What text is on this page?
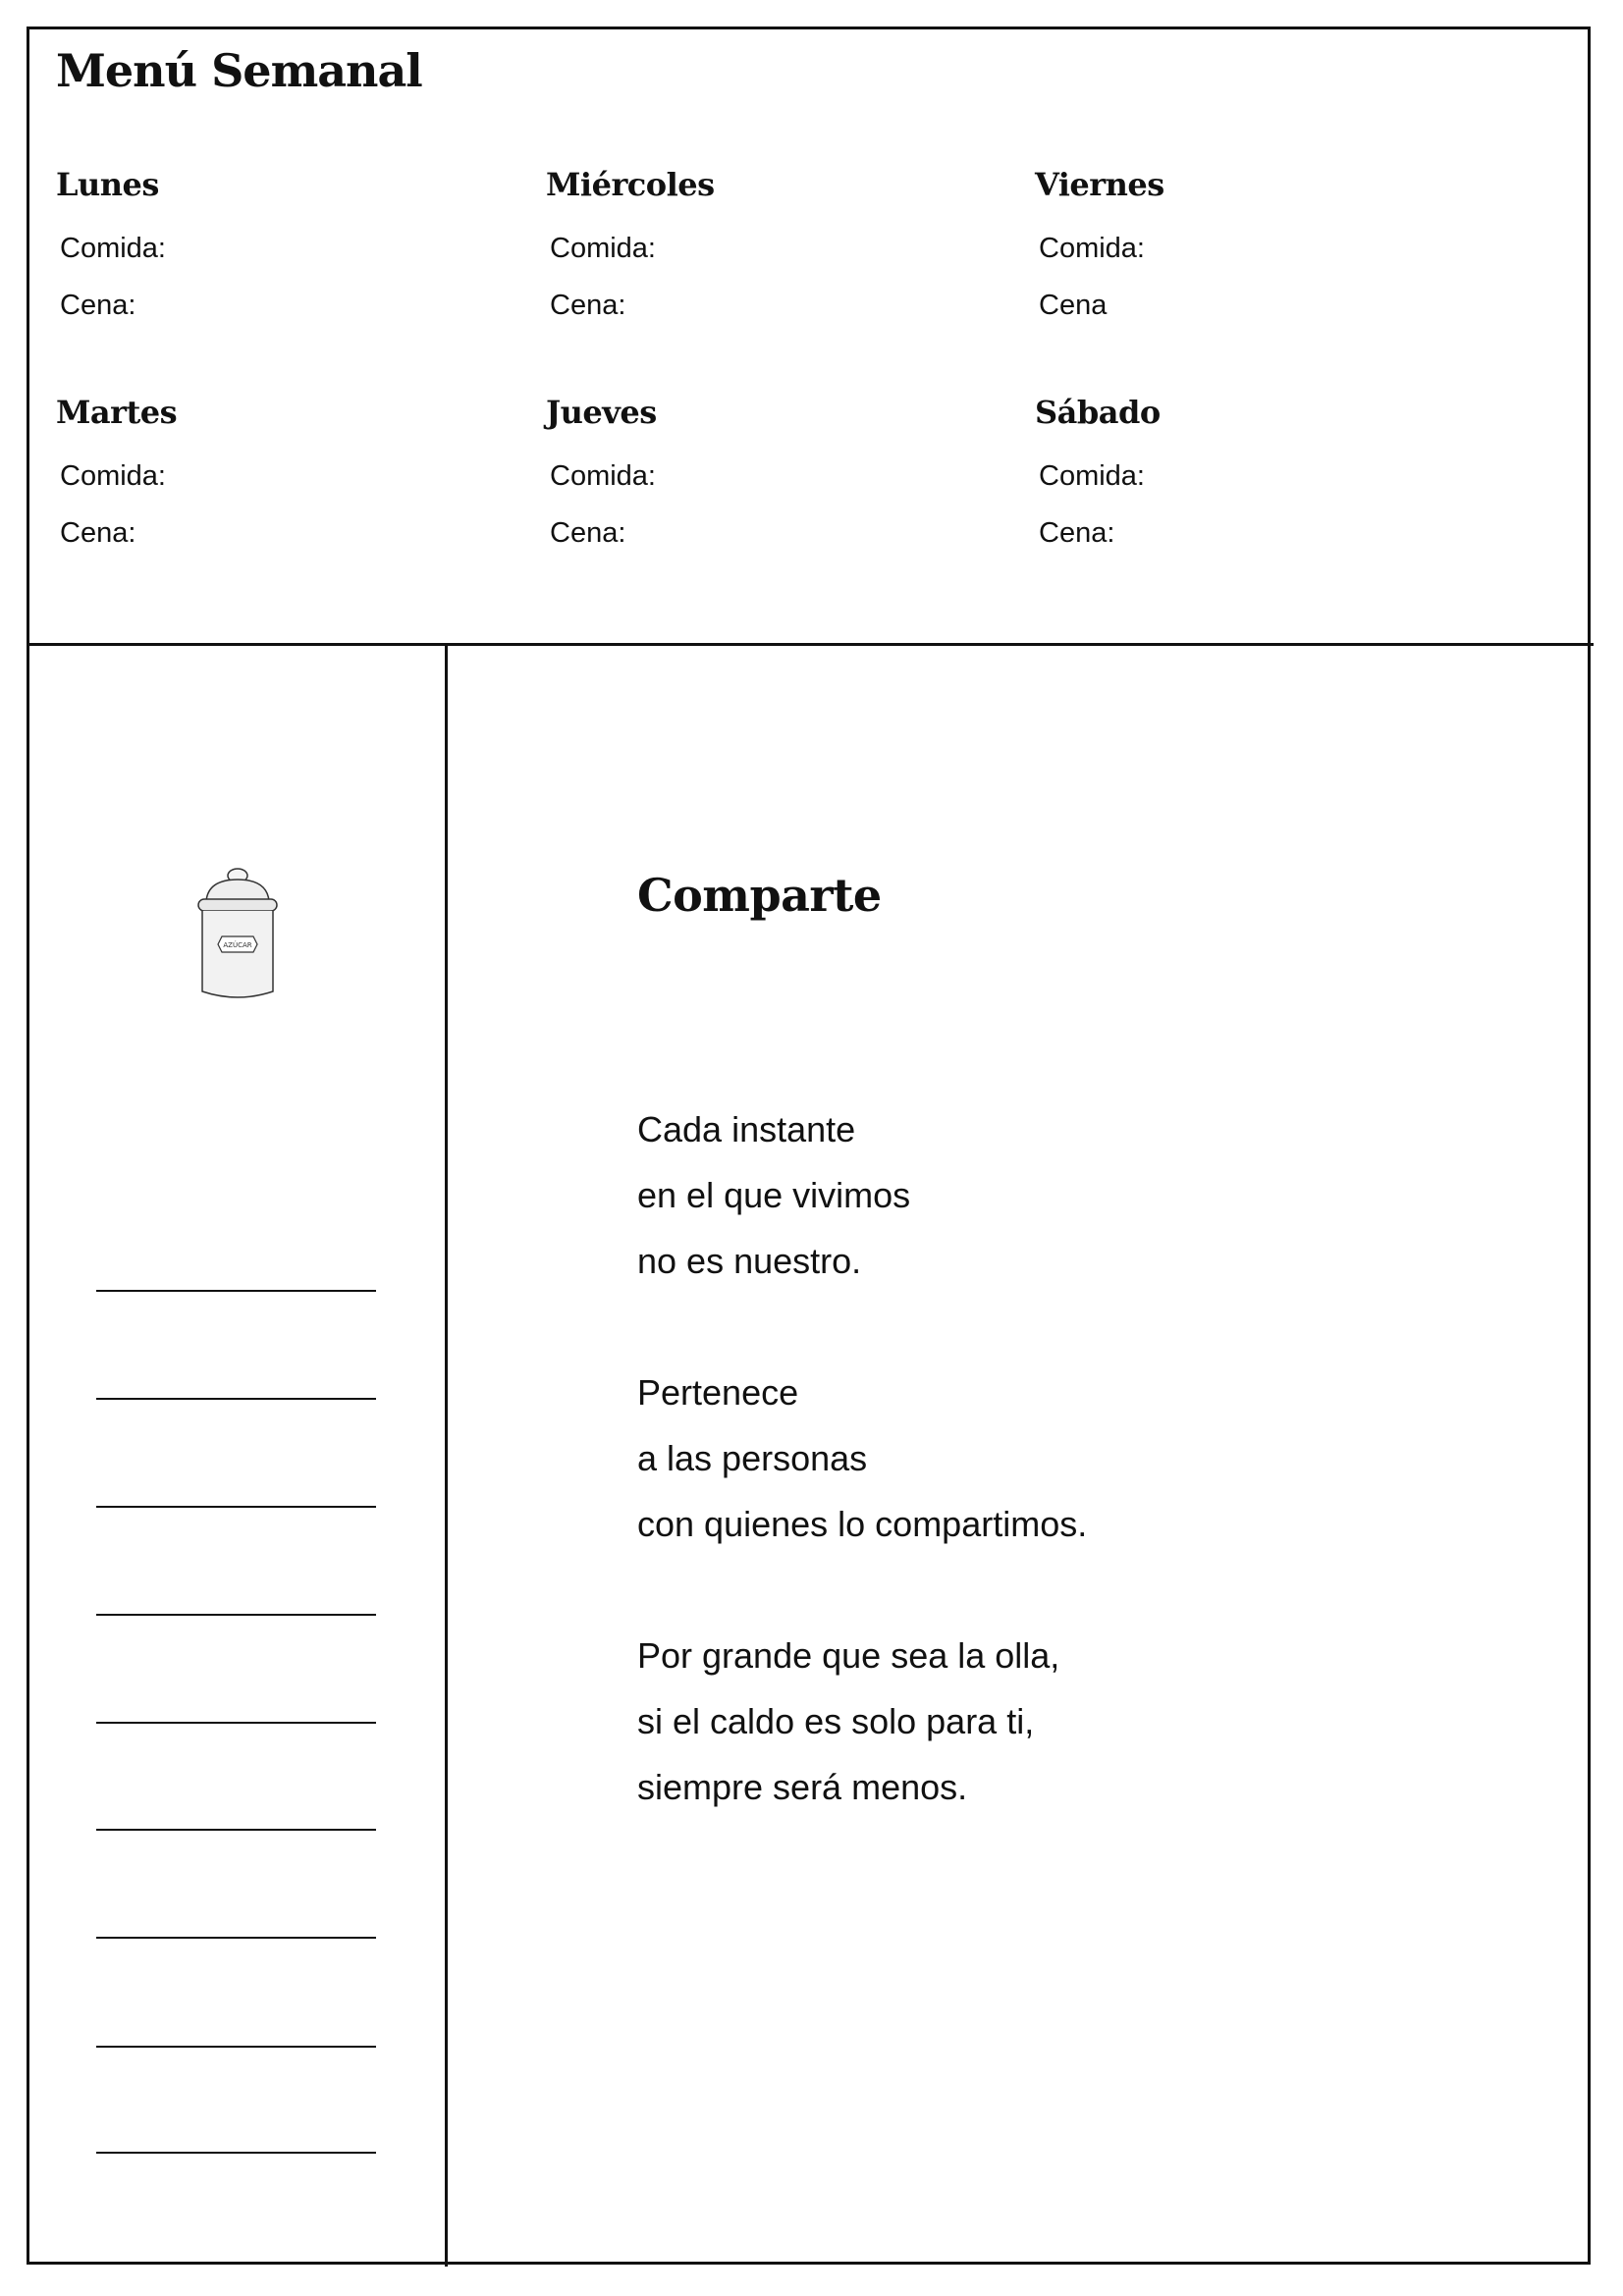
Menú Semanal
Lunes
Comida:
Cena:
Miércoles
Comida:
Cena:
Viernes
Comida:
Cena
Martes
Comida:
Cena:
Jueves
Comida:
Cena:
Sábado
Comida:
Cena:
AZÚCAR
Comparte
Cada instante
en el que vivimos
no es nuestro.
Pertenece
a las personas
con quienes lo compartimos.
Por grande que sea la olla,
si el caldo es solo para ti,
siempre será menos.
